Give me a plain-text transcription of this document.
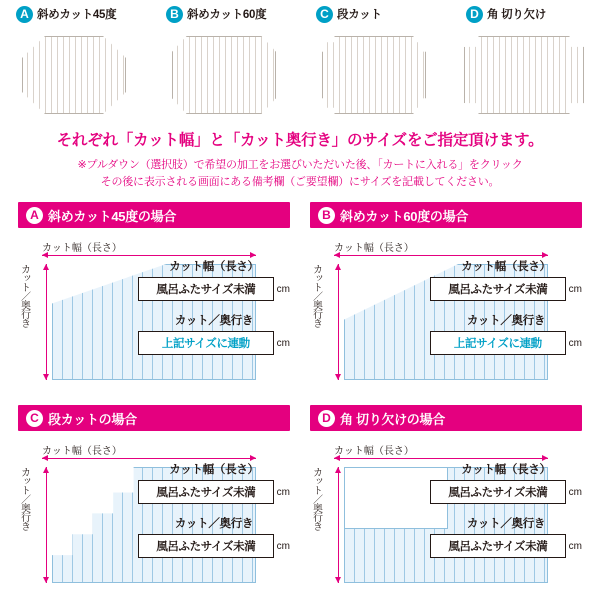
A 斜めカット45度	B 斜めカット60度	C 段カット	D 角 切り欠け
それぞれ「カット幅」と「カット奥行き」のサイズをご指定頂けます。
※プルダウン（選択肢）で希望の加工をお選びいただいた後、「カートに入れる」をクリック
その後に表示される画面にある備考欄（ご要望欄）にサイズを記載してください。
A 斜めカット45度の場合
カット幅（長さ）
カット／奥行き	カット幅（長さ）
風呂ふたサイズ未満	cm
カット／奥行き
上記サイズに連動	cm
B 斜めカット60度の場合
カット幅（長さ）
カット／奥行き	カット幅（長さ）
風呂ふたサイズ未満	cm
カット／奥行き
上記サイズに連動	cm
C 段カットの場合
カット幅（長さ）
カット／奥行き	カット幅（長さ）
風呂ふたサイズ未満	cm
カット／奥行き
風呂ふたサイズ未満	cm
D 角 切り欠けの場合
カット幅（長さ）
カット／奥行き	カット幅（長さ）
風呂ふたサイズ未満	cm
カット／奥行き
風呂ふたサイズ未満	cm
